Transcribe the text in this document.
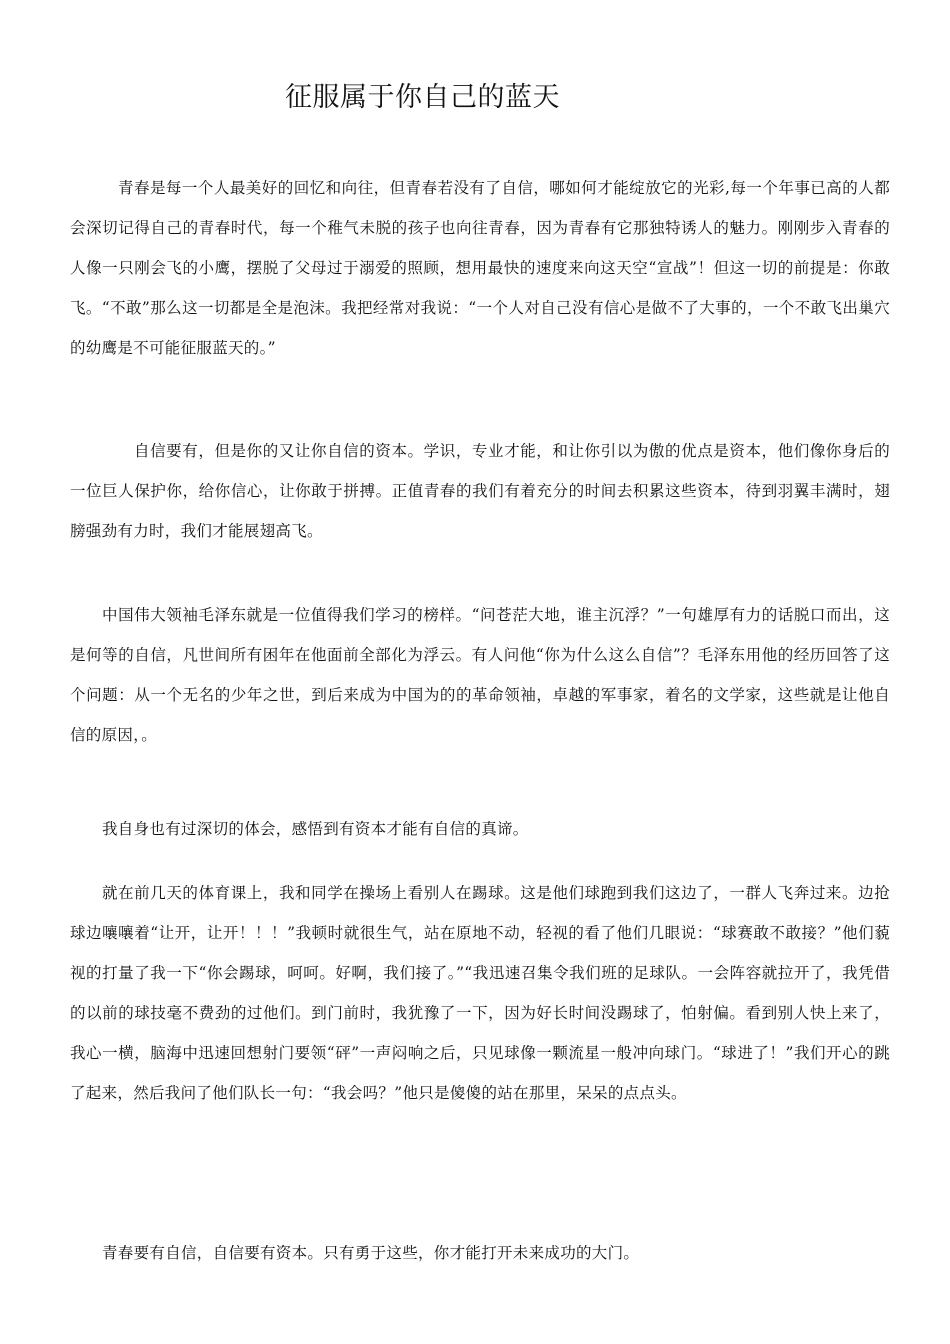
征服属于你自己的蓝天

青春是每一个人最美好的回忆和向往，但青春若没有了自信，哪如何才能绽放它的光彩,每一个年事已高的人都会深切记得自己的青春时代，每一个稚气未脱的孩子也向往青春，因为青春有它那独特诱人的魅力。刚刚步入青春的人像一只刚会飞的小鹰，摆脱了父母过于溺爱的照顾，想用最快的速度来向这天空“宣战”！但这一切的前提是：你敢飞。“不敢”那么这一切都是全是泡沫。我把经常对我说：“一个人对自己没有信心是做不了大事的，一个不敢飞出巢穴的幼鹰是不可能征服蓝天的。”

自信要有，但是你的又让你自信的资本。学识，专业才能，和让你引以为傲的优点是资本，他们像你身后的一位巨人保护你，给你信心，让你敢于拼搏。正值青春的我们有着充分的时间去积累这些资本，待到羽翼丰满时，翅膀强劲有力时，我们才能展翅高飞。

中国伟大领袖毛泽东就是一位值得我们学习的榜样。“问苍茫大地，谁主沉浮？”一句雄厚有力的话脱口而出，这是何等的自信，凡世间所有困年在他面前全部化为浮云。有人问他“你为什么这么自信”？毛泽东用他的经历回答了这个问题：从一个无名的少年之世，到后来成为中国为的的革命领袖，卓越的军事家，着名的文学家，这些就是让他自信的原因，。

我自身也有过深切的体会，感悟到有资本才能有自信的真谛。

就在前几天的体育课上，我和同学在操场上看别人在踢球。这是他们球跑到我们这边了，一群人飞奔过来。边抢球边嚷嚷着“让开，让开！！！”我顿时就很生气，站在原地不动，轻视的看了他们几眼说：“球赛敢不敢接？”他们藐视的打量了我一下“你会踢球，呵呵。好啊，我们接了。”“我迅速召集令我们班的足球队。一会阵容就拉开了，我凭借的以前的球技毫不费劲的过他们。到门前时，我犹豫了一下，因为好长时间没踢球了，怕射偏。看到别人快上来了，我心一横，脑海中迅速回想射门要领“砰”一声闷响之后，只见球像一颗流星一般冲向球门。“球进了！”我们开心的跳了起来，然后我问了他们队长一句：“我会吗？”他只是傻傻的站在那里，呆呆的点点头。

青春要有自信，自信要有资本。只有勇于这些，你才能打开未来成功的大门。
